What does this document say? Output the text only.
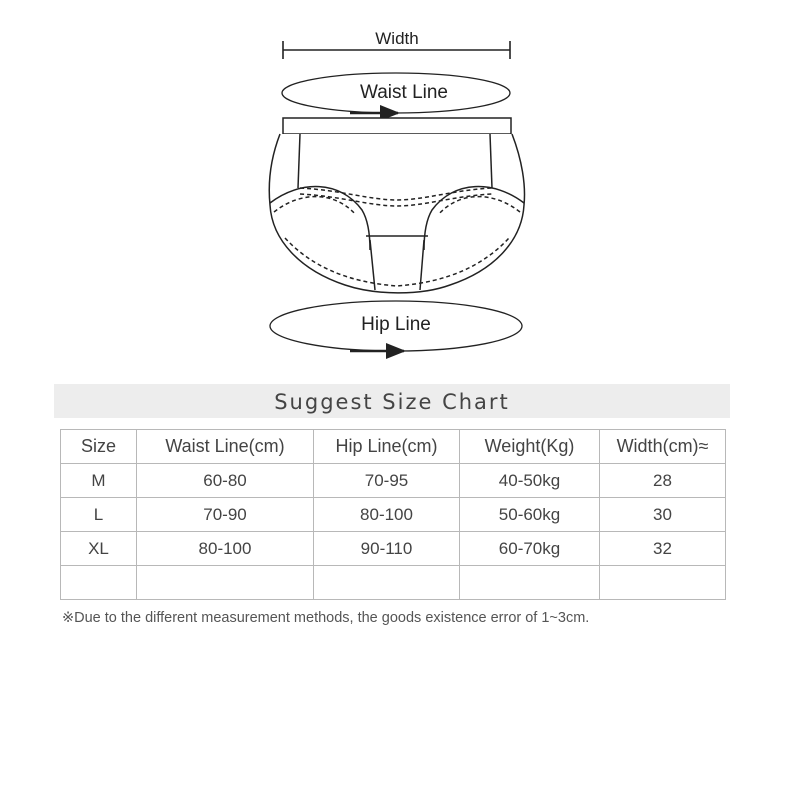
Width
Waist Line
Hip Line
Suggest Size Chart
Size	Waist Line(cm)	Hip Line(cm)	Weight(Kg)	Width(cm)≈
M	60-80	70-95	40-50kg	28
L	70-90	80-100	50-60kg	30
XL	80-100	90-110	60-70kg	32

※Due to the different measurement methods, the goods existence error of 1~3cm.
